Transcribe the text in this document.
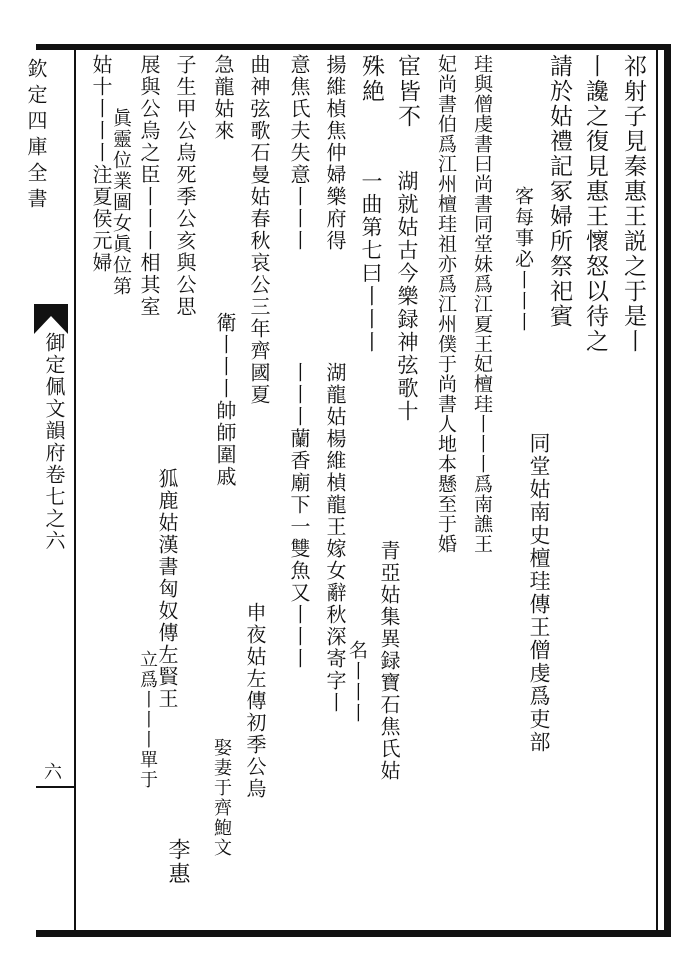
欽定四庫全書
御定佩文韻府卷七之六
六
祁射子見秦惠王説之于是丨
丨讒之復見惠王懷怒以待之
請於姑禮記冢婦所祭祀賓
客每事必丨丨丨
同堂姑南史檀珪傳王僧虔爲吏部
珪與僧虔書曰尚書同堂妹爲江夏王妃檀珪丨丨丨爲南譙王
妃尚書伯爲江州檀珪祖亦爲江州僕于尚書人地本懸至于婚
宦皆不
殊絶
湖就姑古今樂録神弦歌十
一曲第七曰丨丨丨
青亞姑集異録寶石焦氏姑
名丨丨丨
揚維楨焦仲婦樂府得
意焦氏夫失意丨丨丨
湖龍姑楊維楨龍王嫁女辭秋深寄字丨
丨丨丨蘭香廟下一雙魚又丨丨丨
曲神弦歌石曼姑春秋哀公三年齊國夏
衛丨丨丨帥師圍戚
急龍姑來
申夜姑左傳初季公烏
娶妻于齊鮑文
子生甲公烏死季公亥與公思
展與公烏之臣丨丨丨相其室
狐鹿姑漢書匈奴傳左賢王
立爲丨丨丨單于
李惠
姑十丨丨丨注夏侯元婦
眞靈位業圖女眞位第
